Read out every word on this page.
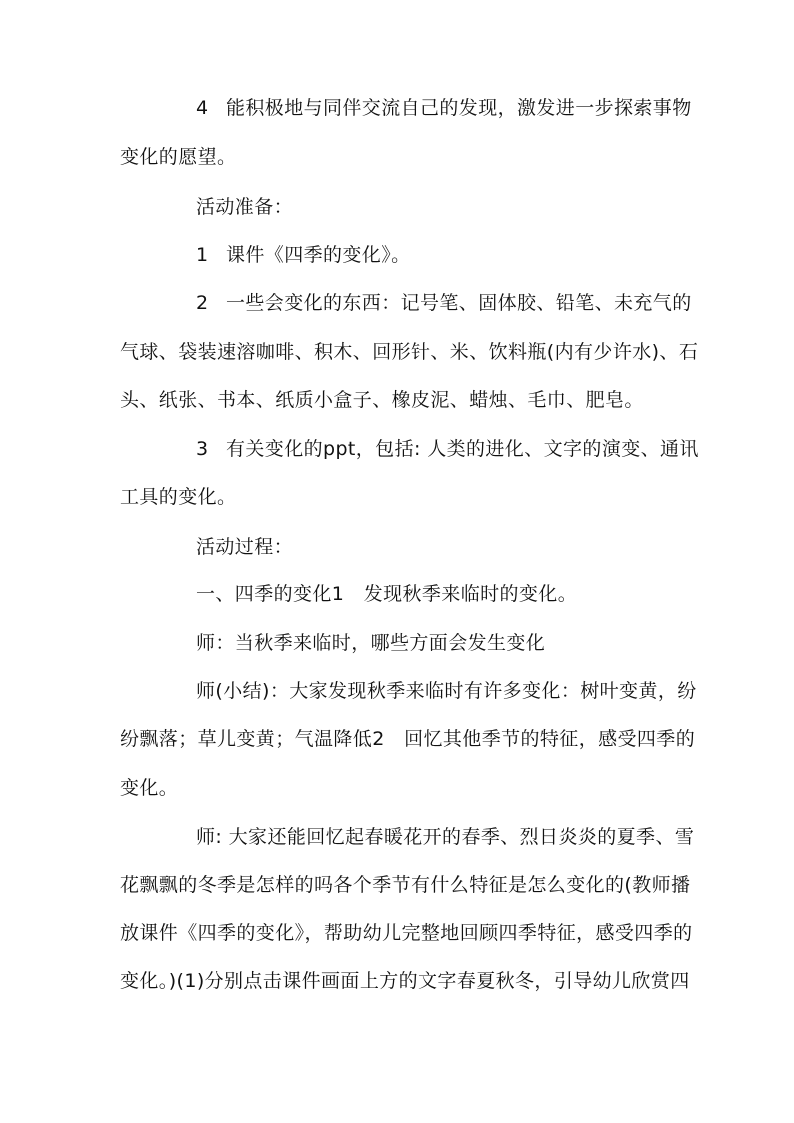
4 能积极地与同伴交流自己的发现，激发进一步探索事物
变化的愿望。
活动准备：
1 课件《四季的变化》。
2 一些会变化的东西：记号笔、固体胶、铅笔、未充气的
气球、袋装速溶咖啡、积木、回形针、米、饮料瓶(内有少许水)、石
头、纸张、书本、纸质小盒子、橡皮泥、蜡烛、毛巾、肥皂。
3 有关变化的ppt，包括: 人类的进化、文字的演变、通讯
工具的变化。
活动过程：
一、四季的变化1　发现秋季来临时的变化。
师：当秋季来临时，哪些方面会发生变化
师(小结)：大家发现秋季来临时有许多变化：树叶变黄，纷
纷飘落；草儿变黄；气温降低2　回忆其他季节的特征，感受四季的
变化。
师: 大家还能回忆起春暖花开的春季、烈日炎炎的夏季、雪
花飘飘的冬季是怎样的吗各个季节有什么特征是怎么变化的(教师播
放课件《四季的变化》，帮助幼儿完整地回顾四季特征，感受四季的
变化。)(1)分别点击课件画面上方的文字春夏秋冬，引导幼儿欣赏四
